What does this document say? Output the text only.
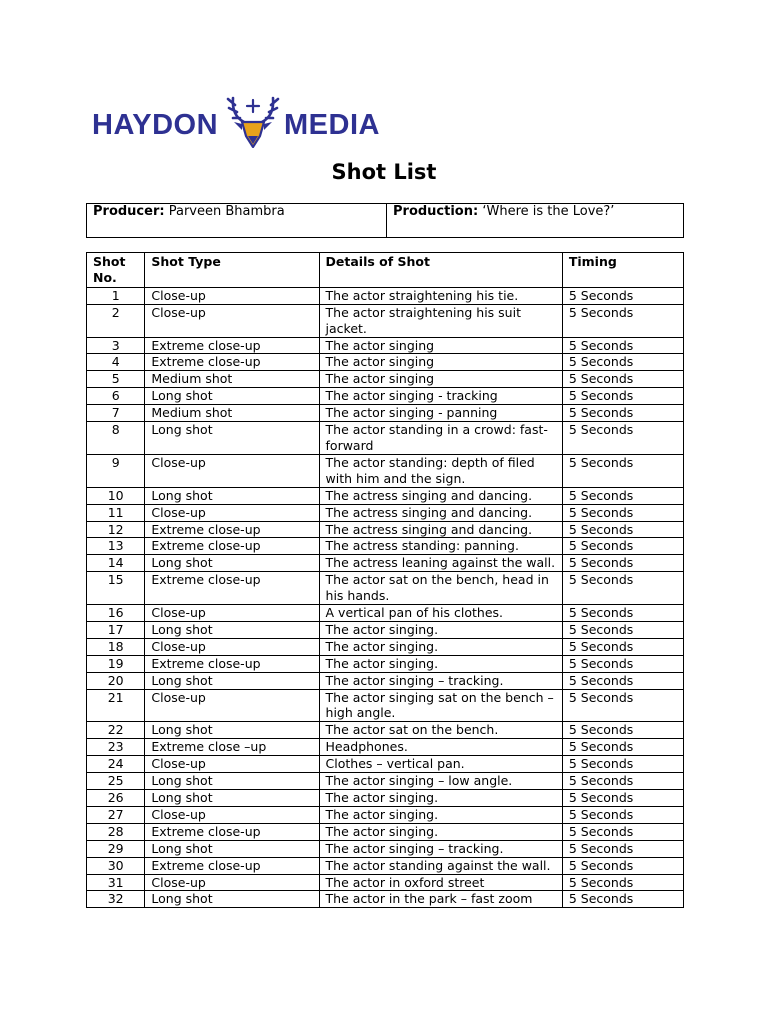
HAYDON MEDIA
Shot List
Producer: Parveen Bhambra	Production: ‘Where is the Love?’
Shot No.	Shot Type	Details of Shot	Timing
1	Close-up	The actor straightening his tie.	5 Seconds
2	Close-up	The actor straightening his suit jacket.	5 Seconds
3	Extreme close-up	The actor singing	5 Seconds
4	Extreme close-up	The actor singing	5 Seconds
5	Medium shot	The actor singing	5 Seconds
6	Long shot	The actor singing - tracking	5 Seconds
7	Medium shot	The actor singing - panning	5 Seconds
8	Long shot	The actor standing in a crowd: fast-forward	5 Seconds
9	Close-up	The actor standing: depth of filed with him and the sign.	5 Seconds
10	Long shot	The actress singing and dancing.	5 Seconds
11	Close-up	The actress singing and dancing.	5 Seconds
12	Extreme close-up	The actress singing and dancing.	5 Seconds
13	Extreme close-up	The actress standing: panning.	5 Seconds
14	Long shot	The actress leaning against the wall.	5 Seconds
15	Extreme close-up	The actor sat on the bench, head in his hands.	5 Seconds
16	Close-up	A vertical pan of his clothes.	5 Seconds
17	Long shot	The actor singing.	5 Seconds
18	Close-up	The actor singing.	5 Seconds
19	Extreme close-up	The actor singing.	5 Seconds
20	Long shot	The actor singing – tracking.	5 Seconds
21	Close-up	The actor singing sat on the bench – high angle.	5 Seconds
22	Long shot	The actor sat on the bench.	5 Seconds
23	Extreme close –up	Headphones.	5 Seconds
24	Close-up	Clothes – vertical pan.	5 Seconds
25	Long shot	The actor singing – low angle.	5 Seconds
26	Long shot	The actor singing.	5 Seconds
27	Close-up	The actor singing.	5 Seconds
28	Extreme close-up	The actor singing.	5 Seconds
29	Long shot	The actor singing – tracking.	5 Seconds
30	Extreme close-up	The actor standing against the wall.	5 Seconds
31	Close-up	The actor in oxford street	5 Seconds
32	Long shot	The actor in the park – fast zoom	5 Seconds
